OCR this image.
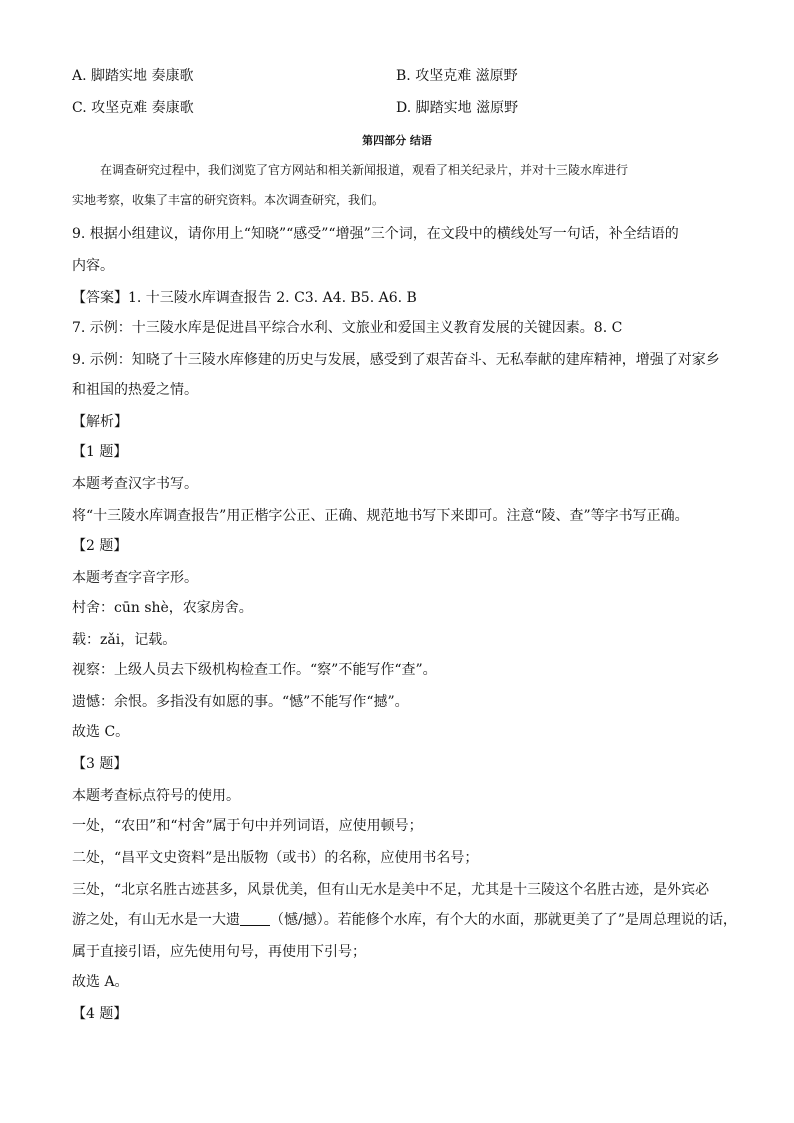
A. 脚踏实地 奏康歌	B. 攻坚克难 滋原野
C. 攻坚克难 奏康歌	D. 脚踏实地 滋原野
第四部分 结语
在调查研究过程中，我们浏览了官方网站和相关新闻报道，观看了相关纪录片，并对十三陵水库进行
实地考察，收集了丰富的研究资料。本次调查研究，我们。
9. 根据小组建议，请你用上“知晓”“感受”“增强”三个词，在文段中的横线处写一句话，补全结语的
内容。
【答案】1. 十三陵水库调查报告 2. C3. A4. B5. A6. B
7. 示例：十三陵水库是促进昌平综合水利、文旅业和爱国主义教育发展的关键因素。8. C
9. 示例：知晓了十三陵水库修建的历史与发展，感受到了艰苦奋斗、无私奉献的建库精神，增强了对家乡
和祖国的热爱之情。
【解析】
【1 题】
本题考查汉字书写。
将“十三陵水库调查报告”用正楷字公正、正确、规范地书写下来即可。注意“陵、查”等字书写正确。
【2 题】
本题考查字音字形。
村舍：cūn shè，农家房舍。
载：zǎi，记载。
视察：上级人员去下级机构检查工作。“察”不能写作“查”。
遗憾：余恨。多指没有如愿的事。“憾”不能写作“撼”。
故选 C。
【3 题】
本题考查标点符号的使用。
一处，“农田”和“村舍”属于句中并列词语，应使用顿号；
二处，“昌平文史资料”是出版物（或书）的名称，应使用书名号；
三处，“北京名胜古迹甚多，风景优美，但有山无水是美中不足，尤其是十三陵这个名胜古迹，是外宾必
游之处，有山无水是一大遗 （憾/撼）。若能修个水库，有个大的水面，那就更美了了”是周总理说的话，
属于直接引语，应先使用句号，再使用下引号；
故选 A。
【4 题】
